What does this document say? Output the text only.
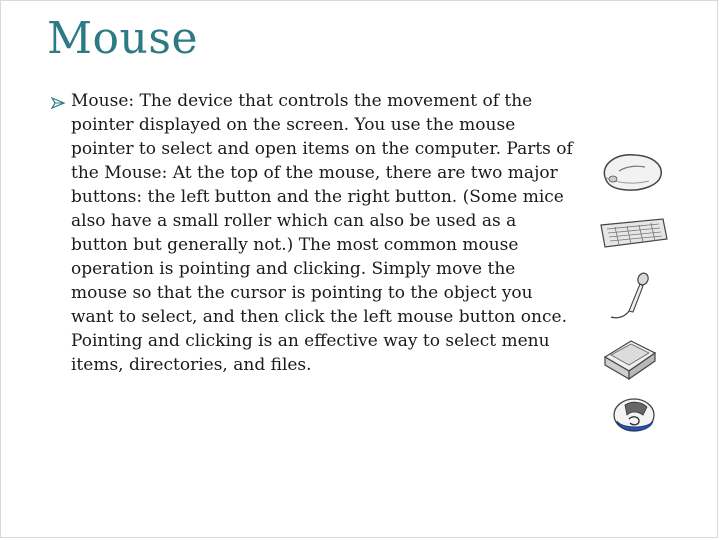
Mouse
Mouse: The device that controls the movement of the pointer displayed on the screen. You use the mouse pointer to select and open items on the computer. Parts of the Mouse: At the top of the mouse, there are two major buttons: the left button and the right button. (Some mice also have a small roller which can also be used as a button but generally not.) The most common mouse operation is pointing and clicking. Simply move the mouse so that the cursor is pointing to the object you want to select, and then click the left mouse button once. Pointing and clicking is an effective way to select menu items, directories, and files.
